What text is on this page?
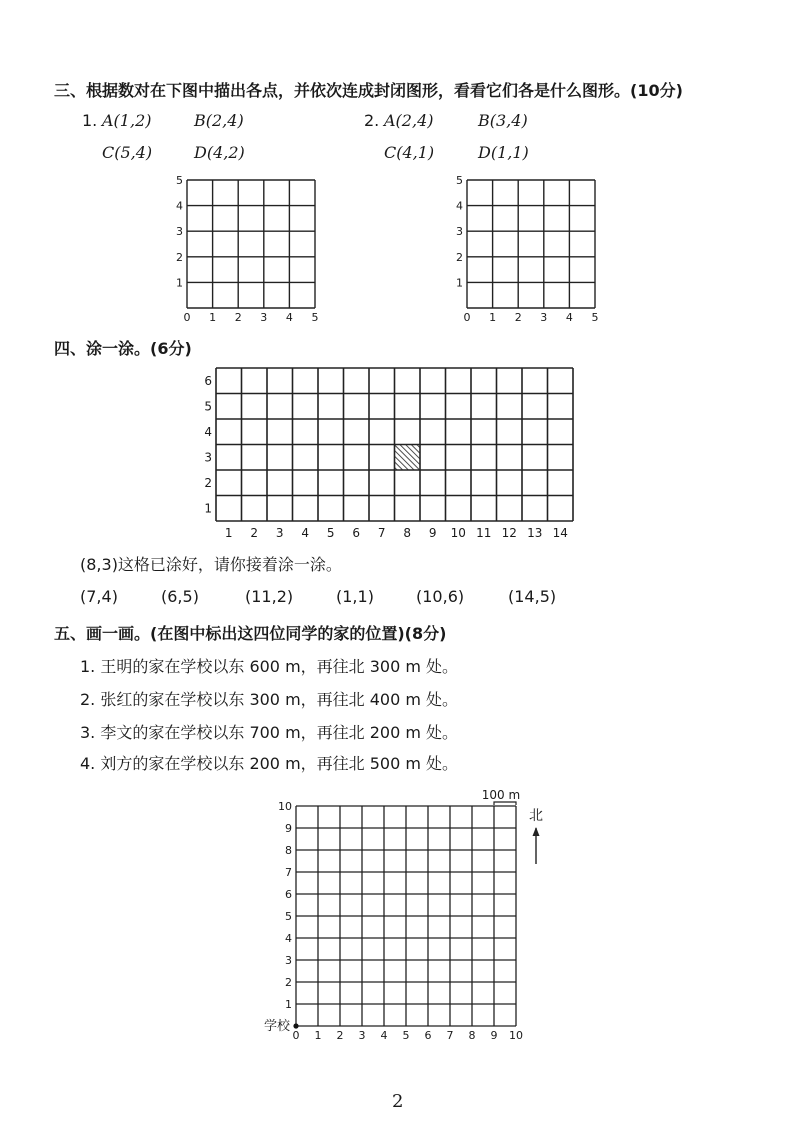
三、根据数对在下图中描出各点，并依次连成封闭图形，看看它们各是什么图形。(10分)
1. A(1,2)	B(2,4)
C(5,4)	D(4,2)
2. A(2,4)	B(3,4)
C(4,1)	D(1,1)
四、涂一涂。(6分)
(8,3)这格已涂好，请你接着涂一涂。
(7,4)	(6,5)	(11,2)	(1,1)	(10,6)	(14,5)
五、画一画。(在图中标出这四位同学的家的位置)(8分)
1. 王明的家在学校以东 600 m，再往北 300 m 处。
2. 张红的家在学校以东 300 m，再往北 400 m 处。
3. 李文的家在学校以东 700 m，再往北 200 m 处。
4. 刘方的家在学校以东 200 m，再往北 500 m 处。
2
0 1 2 3 4 5
1
2
3
4
5
0 1 2 3 4 5
1
2
3
4
5
1 2 3 4 5 6 7 8 9 10 11 12 13 14
1
2
3
4
5
6
0 1 2 3 4 5 6 7 8 9 10
1
2
3
4
5
6
7
8
9
10
学校
100 m
北
